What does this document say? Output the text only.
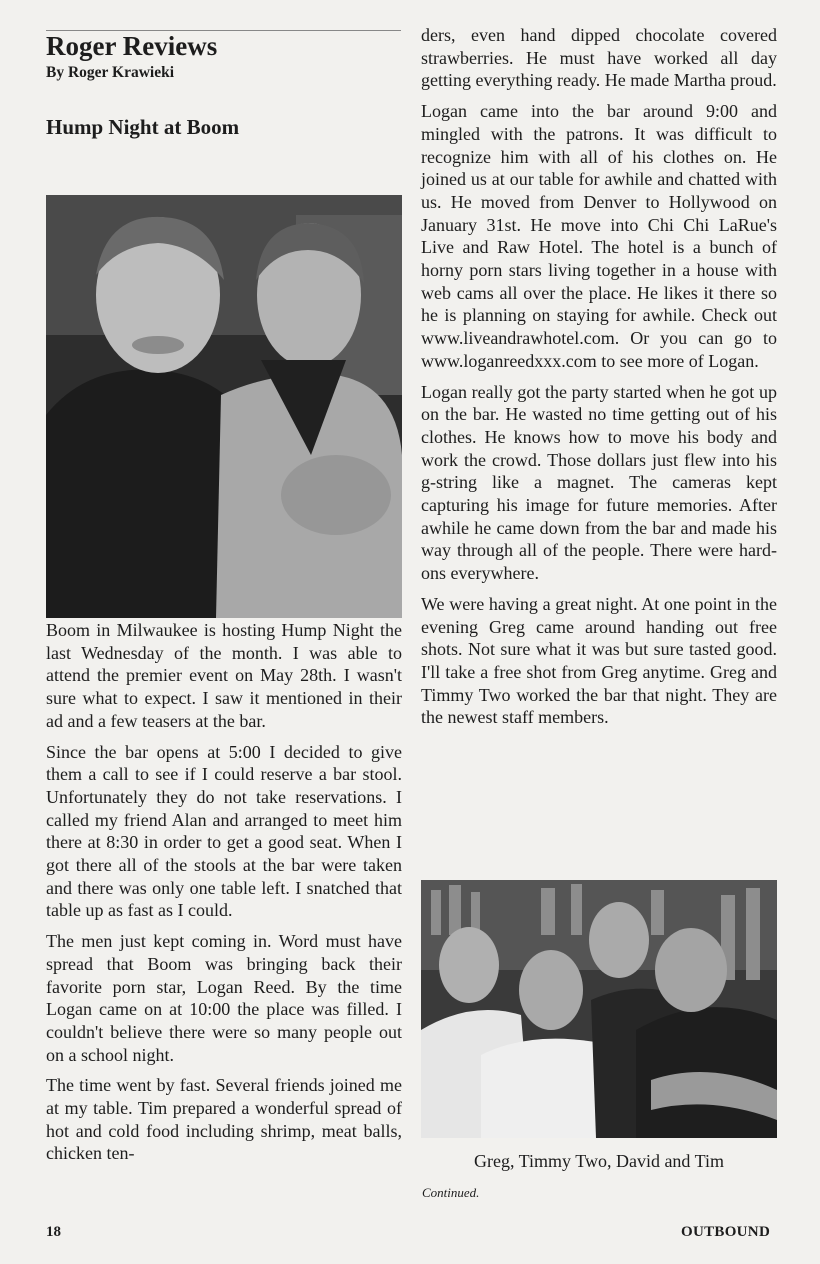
Roger Reviews
By Roger Krawieki
Hump Night at Boom

Boom in Milwaukee is hosting Hump Night the last Wednesday of the month. I was able to attend the premier event on May 28th. I wasn't sure what to expect. I saw it mentioned in their ad and a few teasers at the bar.

Since the bar opens at 5:00 I decided to give them a call to see if I could reserve a bar stool. Unfortunately they do not take reservations. I called my friend Alan and arranged to meet him there at 8:30 in order to get a good seat. When I got there all of the stools at the bar were taken and there was only one table left. I snatched that table up as fast as I could.

The men just kept coming in. Word must have spread that Boom was bringing back their favorite porn star, Logan Reed. By the time Logan came on at 10:00 the place was filled. I couldn't believe there were so many people out on a school night.

The time went by fast. Several friends joined me at my table. Tim prepared a wonderful spread of hot and cold food including shrimp, meat balls, chicken ten-

ders, even hand dipped chocolate covered strawberries. He must have worked all day getting everything ready. He made Martha proud.

Logan came into the bar around 9:00 and mingled with the patrons. It was difficult to recognize him with all of his clothes on. He joined us at our table for awhile and chatted with us. He moved from Denver to Hollywood on January 31st. He move into Chi Chi LaRue's Live and Raw Hotel. The hotel is a bunch of horny porn stars living together in a house with web cams all over the place. He likes it there so he is planning on staying for awhile. Check out www.liveandrawhotel.com. Or you can go to www.loganreedxxx.com to see more of Logan.

Logan really got the party started when he got up on the bar. He wasted no time getting out of his clothes. He knows how to move his body and work the crowd. Those dollars just flew into his g-string like a magnet. The cameras kept capturing his image for future memories. After awhile he came down from the bar and made his way through all of the people. There were hard-ons everywhere.

We were having a great night. At one point in the evening Greg came around handing out free shots. Not sure what it was but sure tasted good. I'll take a free shot from Greg anytime. Greg and Timmy Two worked the bar that night. They are the newest staff members.

Greg, Timmy Two, David and Tim
Continued.
18	OUTBOUND
